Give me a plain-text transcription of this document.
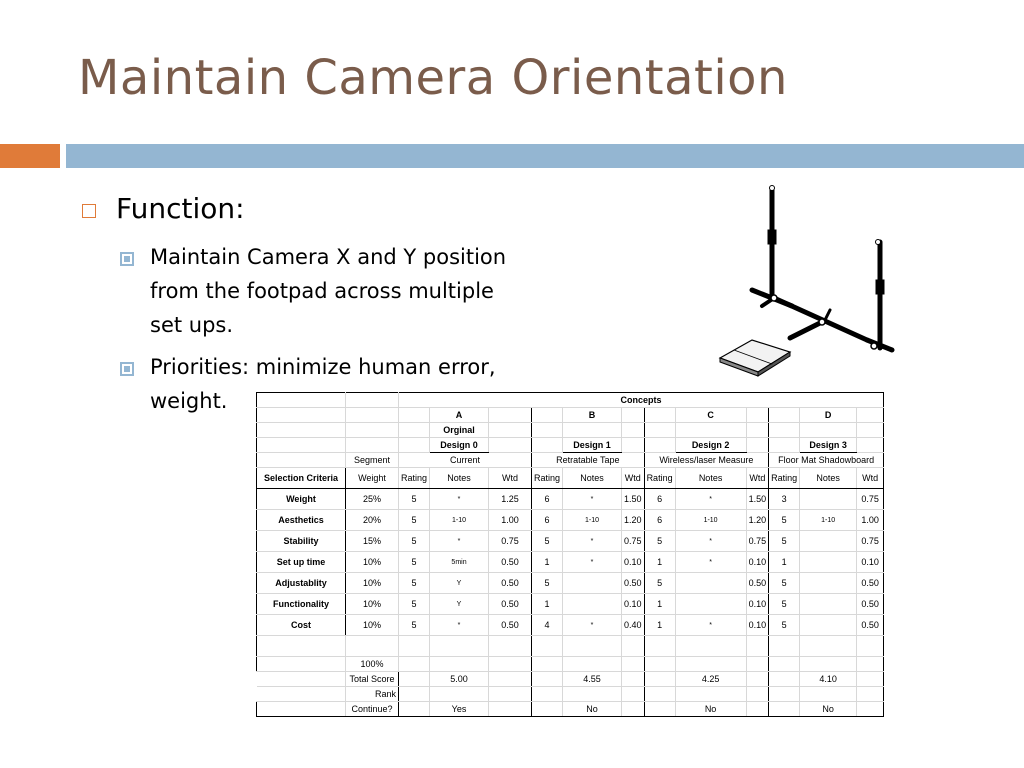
Maintain Camera Orientation
Function:
Maintain Camera X and Y position from the footpad across multiple set ups.
Priorities: minimize human error, weight.
			Concepts											
			A			B			C			D	
			Orginal										
			Design 0			Design 1			Design 2			Design 3	
	Segment	Current			Retratable Tape			Wireless/laser Measure			Floor Mat Shadowboard		
Selection Criteria	Weight	Rating	Notes	Wtd	Rating	Notes	Wtd	Rating	Notes	Wtd	Rating	Notes	Wtd
Weight	25%	5	*	1.25	6	*	1.50	6	*	1.50	3		0.75
Aesthetics	20%	5	1-10	1.00	6	1-10	1.20	6	1-10	1.20	5	1-10	1.00
Stability	15%	5	*	0.75	5	*	0.75	5	*	0.75	5		0.75
Set up time	10%	5	5min	0.50	1	*	0.10	1	*	0.10	1		0.10
Adjustablity	10%	5	Y	0.50	5		0.50	5		0.50	5		0.50
Functionality	10%	5	Y	0.50	1		0.10	1		0.10	5		0.50
Cost	10%	5	*	0.50	4	*	0.40	1	*	0.10	5		0.50

	100%												
	Total Score		5.00			4.55			4.25			4.10	
	Rank												
	Continue?		Yes			No			No			No	
